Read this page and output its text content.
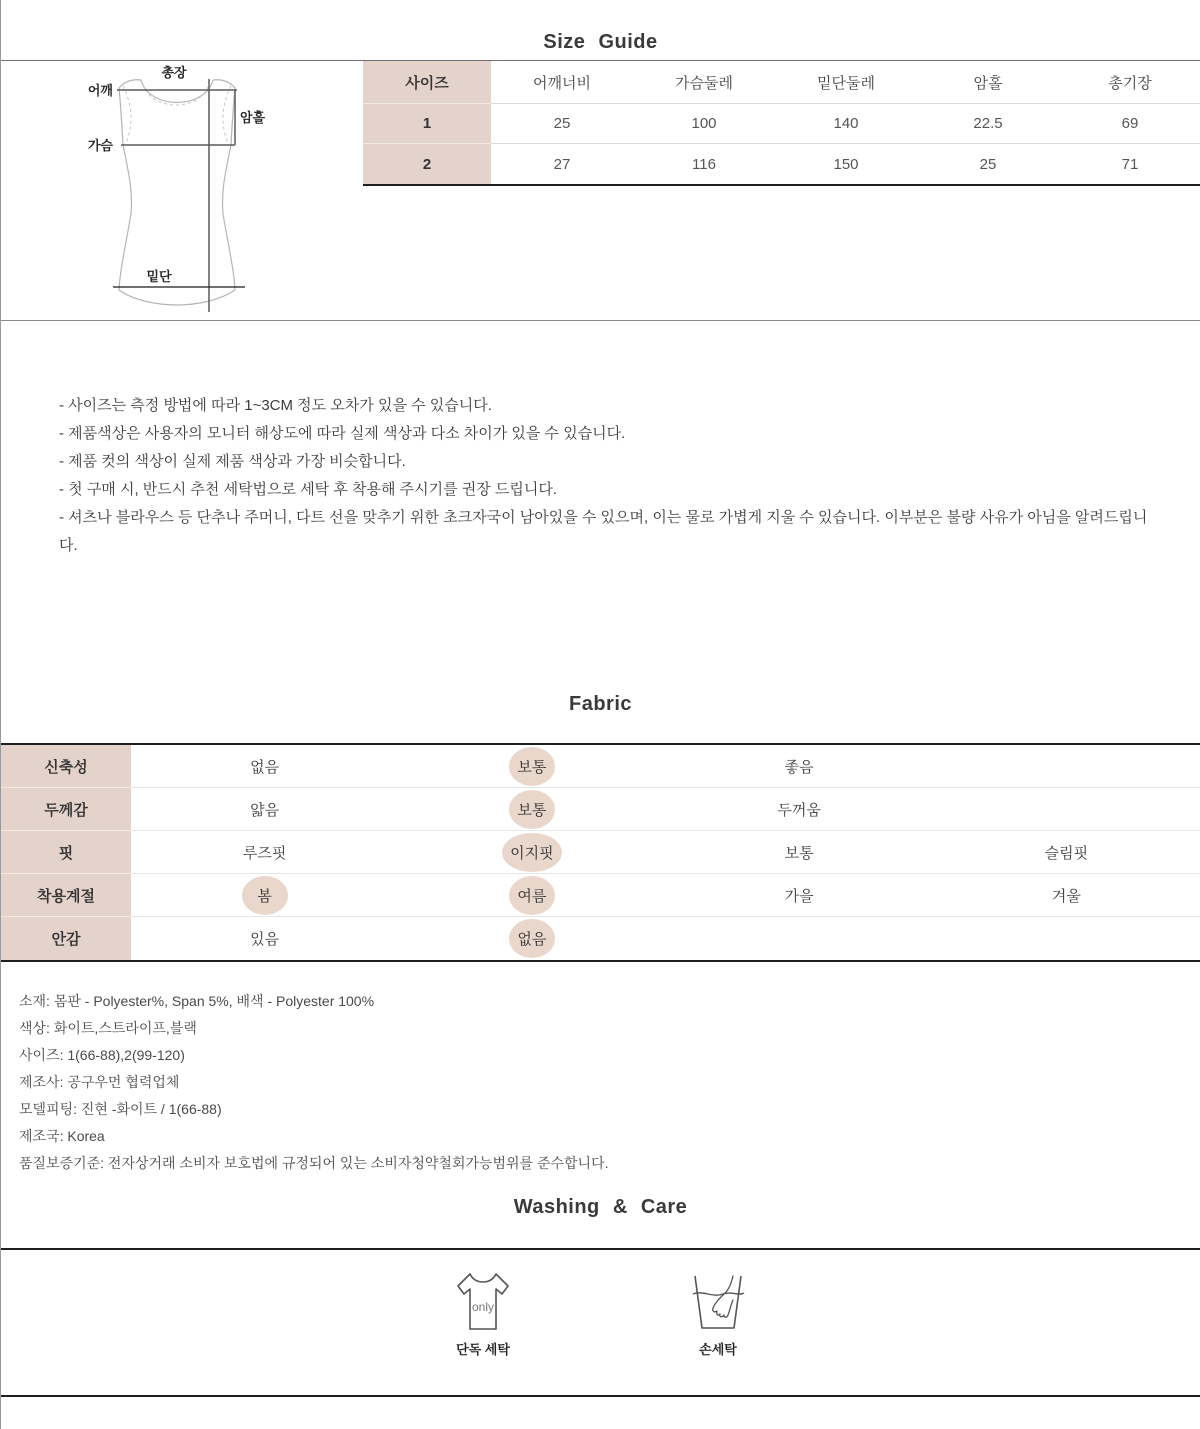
Size Guide
총장
어깨
암홀
가슴
밑단
사이즈	어깨너비	가슴둘레	밑단둘레	암홀	총기장
1	25	100	140	22.5	69
2	27	116	150	25	71
- 사이즈는 측정 방법에 따라 1~3CM 정도 오차가 있을 수 있습니다.
- 제품색상은 사용자의 모니터 해상도에 따라 실제 색상과 다소 차이가 있을 수 있습니다.
- 제품 컷의 색상이 실제 제품 색상과 가장 비슷합니다.
- 첫 구매 시, 반드시 추천 세탁법으로 세탁 후 착용해 주시기를 권장 드립니다.
- 셔츠나 블라우스 등 단추나 주머니, 다트 선을 맞추기 위한 초크자국이 남아있을 수 있으며, 이는 물로 가볍게 지울 수 있습니다. 이부분은 불량 사유가 아님을 알려드립니다.
Fabric
신축성	없음	보통	좋음
두께감	얇음	보통	두꺼움
핏	루즈핏	이지핏	보통	슬림핏
착용계절	봄	여름	가을	겨울
안감	있음	없음
소재: 몸판 - Polyester%, Span 5%, 배색 - Polyester 100%
색상: 화이트,스트라이프,블랙
사이즈: 1(66-88),2(99-120)
제조사: 공구우먼 협력업체
모델피팅: 진현 -화이트 / 1(66-88)
제조국: Korea
품질보증기준: 전자상거래 소비자 보호법에 규정되어 있는 소비자청약철회가능범위를 준수합니다.
Washing & Care
only
단독 세탁	손세탁
